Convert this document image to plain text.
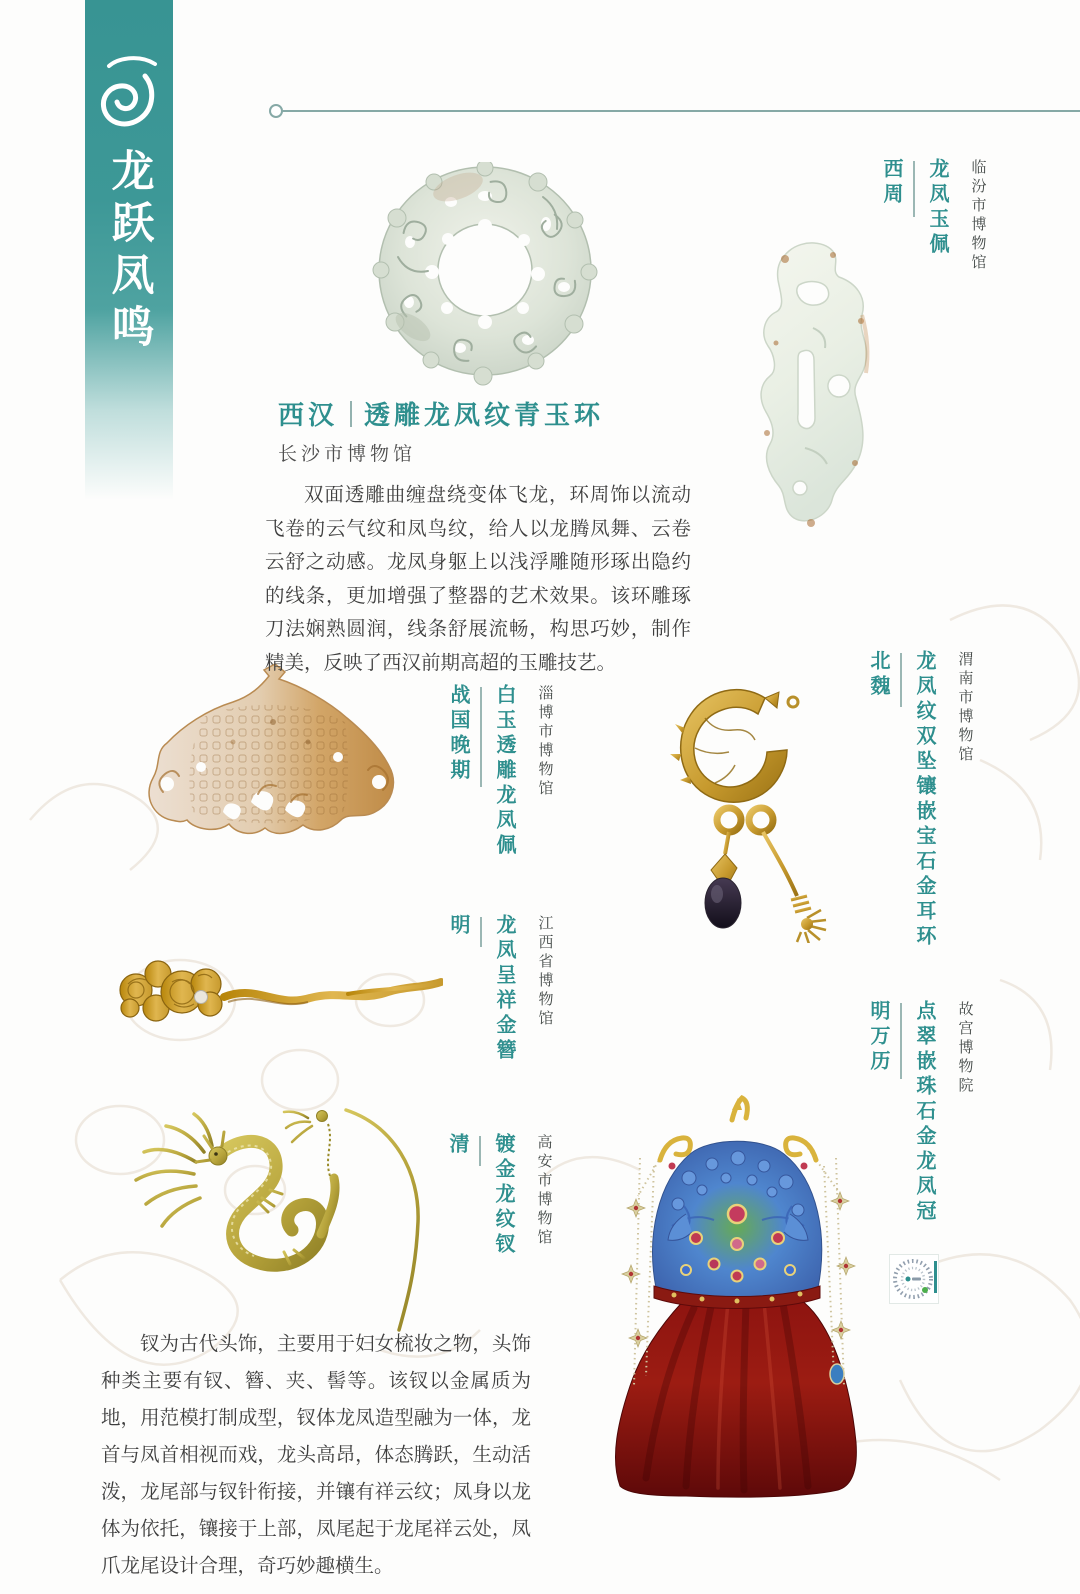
龙跃凤鸣	西周 龙凤玉佩 临汾市博物馆
西汉 透雕龙凤纹青玉环
长沙市博物馆
双面透雕曲缠盘绕变体飞龙，环周饰以流动飞卷的云气纹和凤鸟纹，给人以龙腾凤舞、云卷云舒之动感。龙凤身躯上以浅浮雕随形琢出隐约的线条，更加增强了整器的艺术效果。该环雕琢刀法娴熟圆润，线条舒展流畅，构思巧妙，制作精美，反映了西汉前期高超的玉雕技艺。
战国晚期 白玉透雕龙凤佩 淄博市博物馆
北魏 龙凤纹双坠镶嵌宝石金耳环 渭南市博物馆
明 龙凤呈祥金簪 江西省博物馆
清 镀金龙纹钗 高安市博物馆
明万历 点翠嵌珠石金龙凤冠 故宫博物院
钗为古代头饰，主要用于妇女梳妆之物，头饰种类主要有钗、簪、夹、髻等。该钗以金属质为地，用范模打制成型，钗体龙凤造型融为一体，龙首与凤首相视而戏，龙头高昂，体态腾跃，生动活泼，龙尾部与钗针衔接，并镶有祥云纹；凤身以龙体为依托，镶接于上部，凤尾起于龙尾祥云处，凤爪龙尾设计合理，奇巧妙趣横生。
